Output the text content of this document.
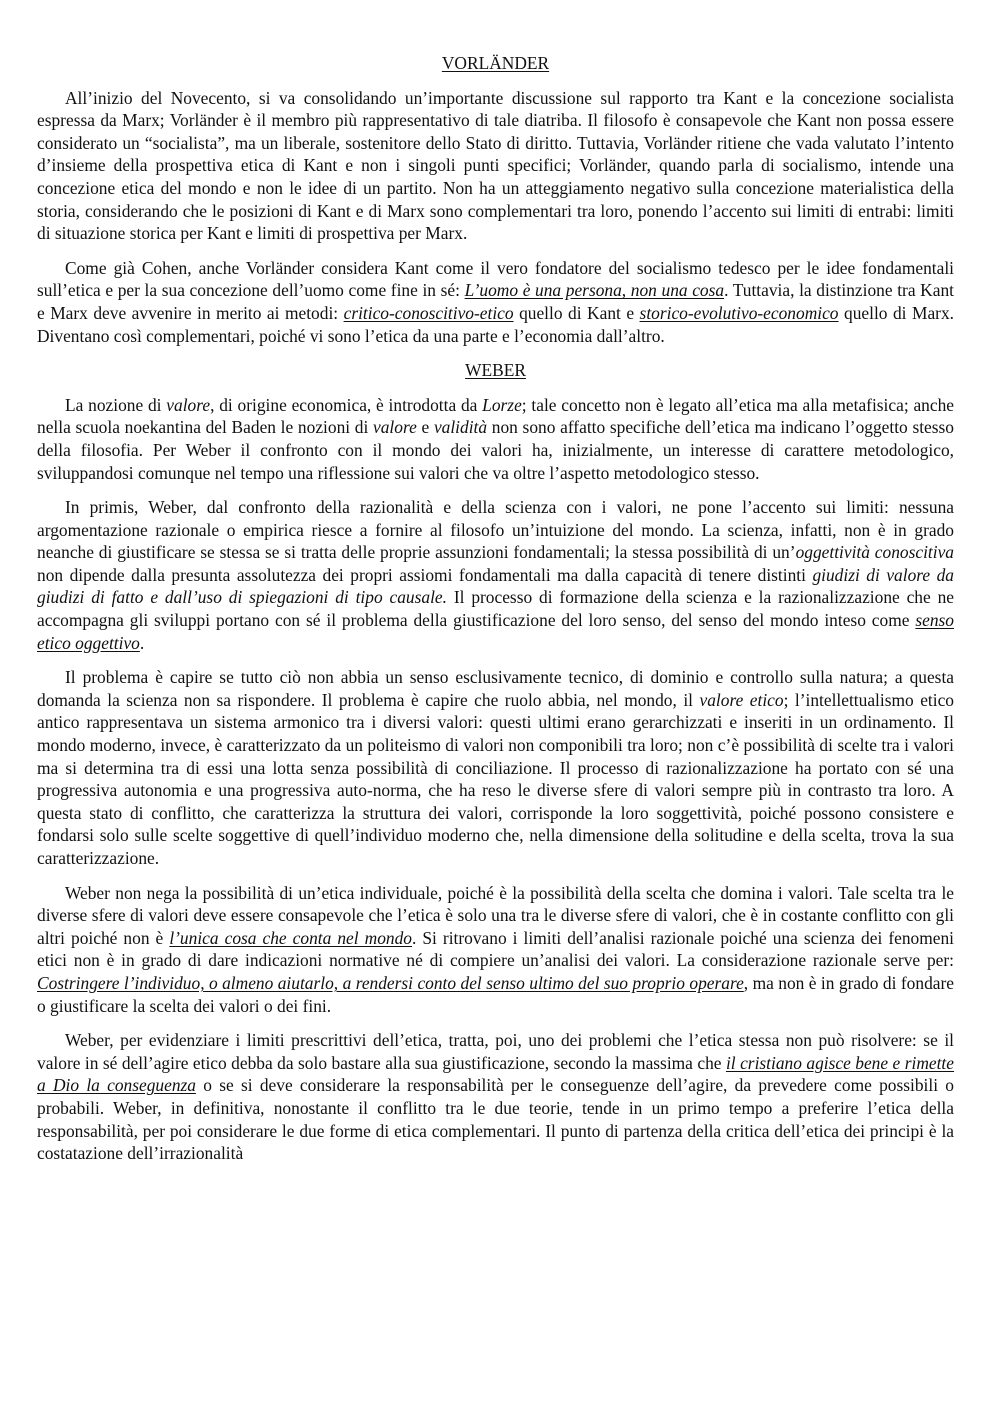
VORLÄNDER

All’inizio del Novecento, si va consolidando un’importante discussione sul rapporto tra Kant e la concezione socialista espressa da Marx; Vorländer è il membro più rappresentativo di tale diatriba. Il filosofo è consapevole che Kant non possa essere considerato un “socialista”, ma un liberale, sostenitore dello Stato di diritto. Tuttavia, Vorländer ritiene che vada valutato l’intento d’insieme della prospettiva etica di Kant e non i singoli punti specifici; Vorländer, quando parla di socialismo, intende una concezione etica del mondo e non le idee di un partito. Non ha un atteggiamento negativo sulla concezione materialistica della storia, considerando che le posizioni di Kant e di Marx sono complementari tra loro, ponendo l’accento sui limiti di entrabi: limiti di situazione storica per Kant e limiti di prospettiva per Marx.

Come già Cohen, anche Vorländer considera Kant come il vero fondatore del socialismo tedesco per le idee fondamentali sull’etica e per la sua concezione dell’uomo come fine in sé: L’uomo è una persona, non una cosa. Tuttavia, la distinzione tra Kant e Marx deve avvenire in merito ai metodi: critico-conoscitivo-etico quello di Kant e storico-evolutivo-economico quello di Marx. Diventano così complementari, poiché vi sono l’etica da una parte e l’economia dall’altro.

WEBER

La nozione di valore, di origine economica, è introdotta da Lorze; tale concetto non è legato all’etica ma alla metafisica; anche nella scuola noekantina del Baden le nozioni di valore e validità non sono affatto specifiche dell’etica ma indicano l’oggetto stesso della filosofia. Per Weber il confronto con il mondo dei valori ha, inizialmente, un interesse di carattere metodologico, sviluppandosi comunque nel tempo una riflessione sui valori che va oltre l’aspetto metodologico stesso.

In primis, Weber, dal confronto della razionalità e della scienza con i valori, ne pone l’accento sui limiti: nessuna argomentazione razionale o empirica riesce a fornire al filosofo un’intuizione del mondo. La scienza, infatti, non è in grado neanche di giustificare se stessa se si tratta delle proprie assunzioni fondamentali; la stessa possibilità di un’oggettività conoscitiva non dipende dalla presunta assolutezza dei propri assiomi fondamentali ma dalla capacità di tenere distinti giudizi di valore da giudizi di fatto e dall’uso di spiegazioni di tipo causale. Il processo di formazione della scienza e la razionalizzazione che ne accompagna gli sviluppi portano con sé il problema della giustificazione del loro senso, del senso del mondo inteso come senso etico oggettivo.

Il problema è capire se tutto ciò non abbia un senso esclusivamente tecnico, di dominio e controllo sulla natura; a questa domanda la scienza non sa rispondere. Il problema è capire che ruolo abbia, nel mondo, il valore etico; l’intellettualismo etico antico rappresentava un sistema armonico tra i diversi valori: questi ultimi erano gerarchizzati e inseriti in un ordinamento. Il mondo moderno, invece, è caratterizzato da un politeismo di valori non componibili tra loro; non c’è possibilità di scelte tra i valori ma si determina tra di essi una lotta senza possibilità di conciliazione. Il processo di razionalizzazione ha portato con sé una progressiva autonomia e una progressiva auto-norma, che ha reso le diverse sfere di valori sempre più in contrasto tra loro. A questa stato di conflitto, che caratterizza la struttura dei valori, corrisponde la loro soggettività, poiché possono consistere e fondarsi solo sulle scelte soggettive di quell’individuo moderno che, nella dimensione della solitudine e della scelta, trova la sua caratterizzazione.

Weber non nega la possibilità di un’etica individuale, poiché è la possibilità della scelta che domina i valori. Tale scelta tra le diverse sfere di valori deve essere consapevole che l’etica è solo una tra le diverse sfere di valori, che è in costante conflitto con gli altri poiché non è l’unica cosa che conta nel mondo. Si ritrovano i limiti dell’analisi razionale poiché una scienza dei fenomeni etici non è in grado di dare indicazioni normative né di compiere un’analisi dei valori. La considerazione razionale serve per: Costringere l’individuo, o almeno aiutarlo, a rendersi conto del senso ultimo del suo proprio operare, ma non è in grado di fondare o giustificare la scelta dei valori o dei fini.

Weber, per evidenziare i limiti prescrittivi dell’etica, tratta, poi, uno dei problemi che l’etica stessa non può risolvere: se il valore in sé dell’agire etico debba da solo bastare alla sua giustificazione, secondo la massima che il cristiano agisce bene e rimette a Dio la conseguenza o se si deve considerare la responsabilità per le conseguenze dell’agire, da prevedere come possibili o probabili. Weber, in definitiva, nonostante il conflitto tra le due teorie, tende in un primo tempo a preferire l’etica della responsabilità, per poi considerare le due forme di etica complementari. Il punto di partenza della critica dell’etica dei principi è la costatazione dell’irrazionalità
